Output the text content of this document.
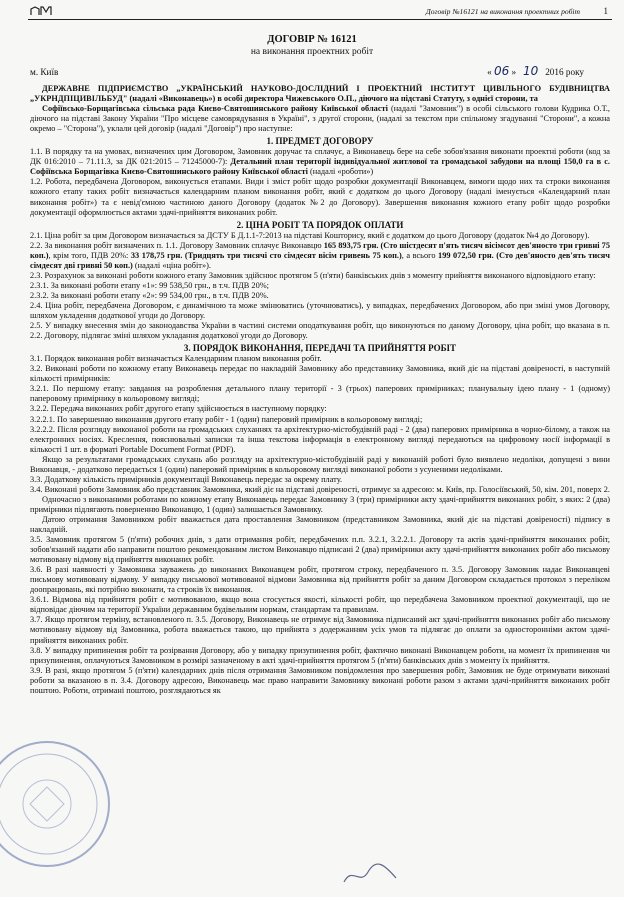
Договір №16121 на виконання проектних робіт	1
ДОГОВІР № 16121
на виконання проектних робіт
м. Київ	« 06 » 10 2016 року

ДЕРЖАВНЕ ПІДПРИЄМСТВО „УКРАЇНСЬКИЙ НАУКОВО-ДОСЛІДНИЙ І ПРОЕКТНИЙ ІНСТИТУТ ЦИВІЛЬНОГО БУДІВНИЦТВА „УКРНДПІЦИВІЛЬБУД" (надалі «Виконавець») в особі директора Чижевського О.П., діючого на підставі Статуту, з однієї сторони, та

Софіївсько-Борщагівська сільська рада Києво-Святошинського району Київської області (надалі "Замовник") в особі сільського голови Кудрика О.Т., діючого на підставі Закону України "Про місцеве самоврядування в Україні", з другої сторони, (надалі за текстом при спільному згадуванні "Сторони", а кожна окремо – "Сторона"), уклали цей договір (надалі "Договір") про наступне:

1. ПРЕДМЕТ ДОГОВОРУ

1.1. В порядку та на умовах, визначених цим Договором, Замовник доручає та сплачує, а Виконавець бере на себе зобов'язання виконати проектні роботи (код за ДК 016:2010 – 71.11.3, за ДК 021:2015 – 71245000-7): Детальний план території індивідуальної житлової та громадської забудови на площі 150,0 га в с. Софіївська Борщагівка Києво-Святошинського району Київської області (надалі «роботи»)

1.2. Робота, передбачена Договором, виконується етапами. Види і зміст робіт щодо розробки документації Виконавцем, вимоги щодо них та строки виконання кожного етапу таких робіт визначається календарним планом виконання робіт, який є додатком до цього Договору (надалі іменується «Календарний план виконання робіт») та є невід'ємною частиною даного Договору (додаток №2 до Договору). Завершення виконання кожного етапу робіт щодо розробки документації оформлюється актами здачі-прийняття виконаних робіт.

2. ЦІНА РОБІТ ТА ПОРЯДОК ОПЛАТИ

2.1. Ціна робіт за цим Договором визначається за ДСТУ Б Д.1.1-7:2013 на підставі Кошторису, який є додатком до цього Договору (додаток №4 до Договору).

2.2. За виконання робіт визначених п. 1.1. Договору Замовник сплачує Виконавцю 165 893,75 грн. (Сто шістдесят п'ять тисяч вісімсот дев'яносто три гривні 75 коп.), крім того, ПДВ 20%: 33 178,75 грн. (Тридцять три тисячі сто сімдесят вісім гривень 75 коп.), а всього 199 072,50 грн. (Сто дев'яносто дев'ять тисяч сімдесят дві гривні 50 коп.) (надалі «ціна робіт»).

2.3. Розрахунок за виконані роботи кожного етапу Замовник здійснює протягом 5 (п'яти) банківських днів з моменту прийняття виконаного відповідного етапу:

2.3.1. За виконані роботи етапу «1»: 99 538,50 грн., в т.ч. ПДВ 20%;

2.3.2. За виконані роботи етапу «2»: 99 534,00 грн., в т.ч. ПДВ 20%.

2.4. Ціна робіт, передбачена Договором, є динамічною та може змінюватись (уточнюватись), у випадках, передбачених Договором, або при зміні умов Договору, шляхом укладення додаткової угоди до Договору.

2.5. У випадку внесення змін до законодавства України в частині системи оподаткування робіт, що виконуються по даному Договору, ціна робіт, що вказана в п. 2.2. Договору, підлягає зміні шляхом укладання додаткової угоди до Договору.

3. ПОРЯДОК ВИКОНАННЯ, ПЕРЕДАЧІ ТА ПРИЙНЯТТЯ РОБІТ

3.1. Порядок виконання робіт визначається Календарним планом виконання робіт.

3.2. Виконані роботи по кожному етапу Виконавець передає по накладній Замовнику або представнику Замовника, який діє на підставі довіреності, в наступній кількості примірників:

3.2.1. По першому етапу: завдання на розроблення детального плану території - 3 (трьох) паперових примірниках; планувальну ідею плану - 1 (одному) паперовому примірнику в кольоровому вигляді;

3.2.2. Передача виконаних робіт другого етапу здійснюється в наступному порядку:

3.2.2.1. По завершенню виконання другого етапу робіт - 1 (один) паперовий примірник в кольоровому вигляді;

3.2.2.2. Після розгляду виконаної роботи на громадських слуханнях та архітектурно-містобудівній раді - 2 (два) паперових примірника в чорно-білому, а також на електронних носіях. Креслення, пояснювальні записки та інша текстова інформація в електронному вигляді передаються на цифровому носії інформації в кількості 1 шт. в форматі Portable Document Format (PDF).

Якщо за результатами громадських слухань або розгляду на архітектурно-містобудівній раді у виконаній роботі було виявлено недоліки, допущені з вини Виконавця, - додатково передається 1 (один) паперовий примірник в кольоровому вигляді виконаної роботи з усуненими недоліками.

3.3. Додаткову кількість примірників документації Виконавець передає за окрему плату.

3.4. Виконані роботи Замовник або представник Замовника, який діє на підставі довіреності, отримує за адресою: м. Київ, пр. Голосіївський, 50, кім. 201, поверх 2.

Одночасно з виконаними роботами по кожному етапу Виконавець передає Замовнику 3 (три) примірники акту здачі-прийняття виконаних робіт, з яких: 2 (два) примірники підлягають поверненню Виконавцю, 1 (один) залишається Замовнику.

Датою отримання Замовником робіт вважається дата проставлення Замовником (представником Замовника, який діє на підставі довіреності) підпису в накладній.

3.5. Замовник протягом 5 (п'яти) робочих днів, з дати отримання робіт, передбачених п.п. 3.2.1, 3.2.2.1. Договору та актів здачі-прийняття виконаних робіт, зобов'язаний надати або направити поштою рекомендованим листом Виконавцю підписані 2 (два) примірники акту здачі-прийняття виконаних робіт або письмову мотивовану відмову від прийняття виконаних робіт.

3.6. В разі наявності у Замовника зауважень до виконаних Виконавцем робіт, протягом строку, передбаченого п. 3.5. Договору Замовник надає Виконавцеві письмову мотивовану відмову. У випадку письмової мотивованої відмови Замовника від прийняття робіт за даним Договором складається протокол з переліком доопрацювань, які потрібно виконати, та строків їх виконання.

3.6.1. Відмова від прийняття робіт є мотивованою, якщо вона стосується якості, кількості робіт, що передбачена Замовником проектної документації, що не відповідає діючим на території України державним будівельним нормам, стандартам та правилам.

3.7. Якщо протягом терміну, встановленого п. 3.5. Договору, Виконавець не отримує від Замовника підписаний акт здачі-прийняття виконаних робіт або письмову мотивовану відмову від Замовника, робота вважається такою, що прийнята з додержанням усіх умов та підлягає до оплати за односторонніми актом здачі-прийняття виконаних робіт.

3.8. У випадку припинення робіт та розірвання Договору, або у випадку призупинення робіт, фактично виконані Виконавцем роботи, на момент їх припинення чи призупинення, оплачуються Замовником в розмірі зазначеному в акті здачі-прийняття протягом 5 (п'яти) банківських днів з моменту їх прийняття.

3.9. В разі, якщо протягом 5 (п'яти) календарних днів після отримання Замовником повідомлення про завершення робіт, Замовник не буде отримувати виконані роботи за вказаною в п. 3.4. Договору адресою, Виконавець має право направити Замовнику виконані роботи разом з актами здачі-прийняття виконаних робіт поштою. Роботи, отримані поштою, розглядаються як
